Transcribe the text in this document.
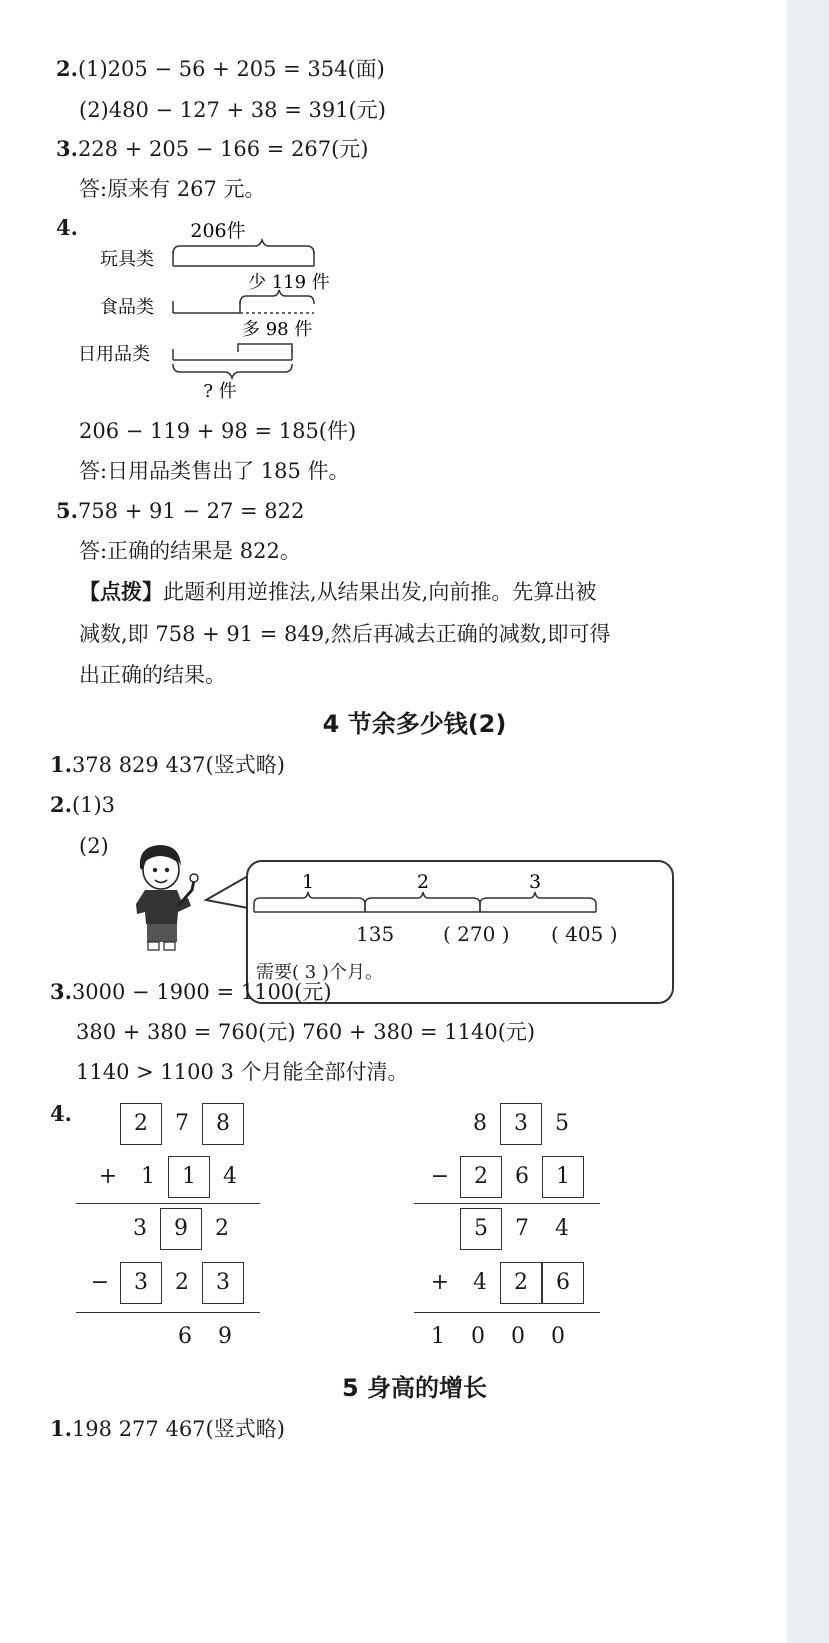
2.(1)205 − 56 + 205 = 354(面)
(2)480 − 127 + 38 = 391(元)
3.228 + 205 − 166 = 267(元)
答:原来有 267 元。
4.	206件
玩具类
少 119 件
食品类
多 98 件
日用品类
? 件
206 − 119 + 98 = 185(件)
答:日用品类售出了 185 件。
5.758 + 91 − 27 = 822
答:正确的结果是 822。
【点拨】此题利用逆推法,从结果出发,向前推。先算出被
减数,即 758 + 91 = 849,然后再减去正确的减数,即可得
出正确的结果。
4 节余多少钱(2)
1.378 829 437(竖式略)
2.(1)3
(2)
1	2	3
135 ( 270 ) ( 405 )
需要( 3 )个月。
3.3000 − 1900 = 1100(元)
380 + 380 = 760(元) 760 + 380 = 1140(元)
1140 > 1100 3 个月能全部付清。
4.	2 7 8
+ 1 1 4
3 9 2
− 3 2 3
6 9
8 3 5
− 2 6 1
5 7 4
+ 4 2 6
1 0 0 0
5 身高的增长
1.198 277 467(竖式略)
